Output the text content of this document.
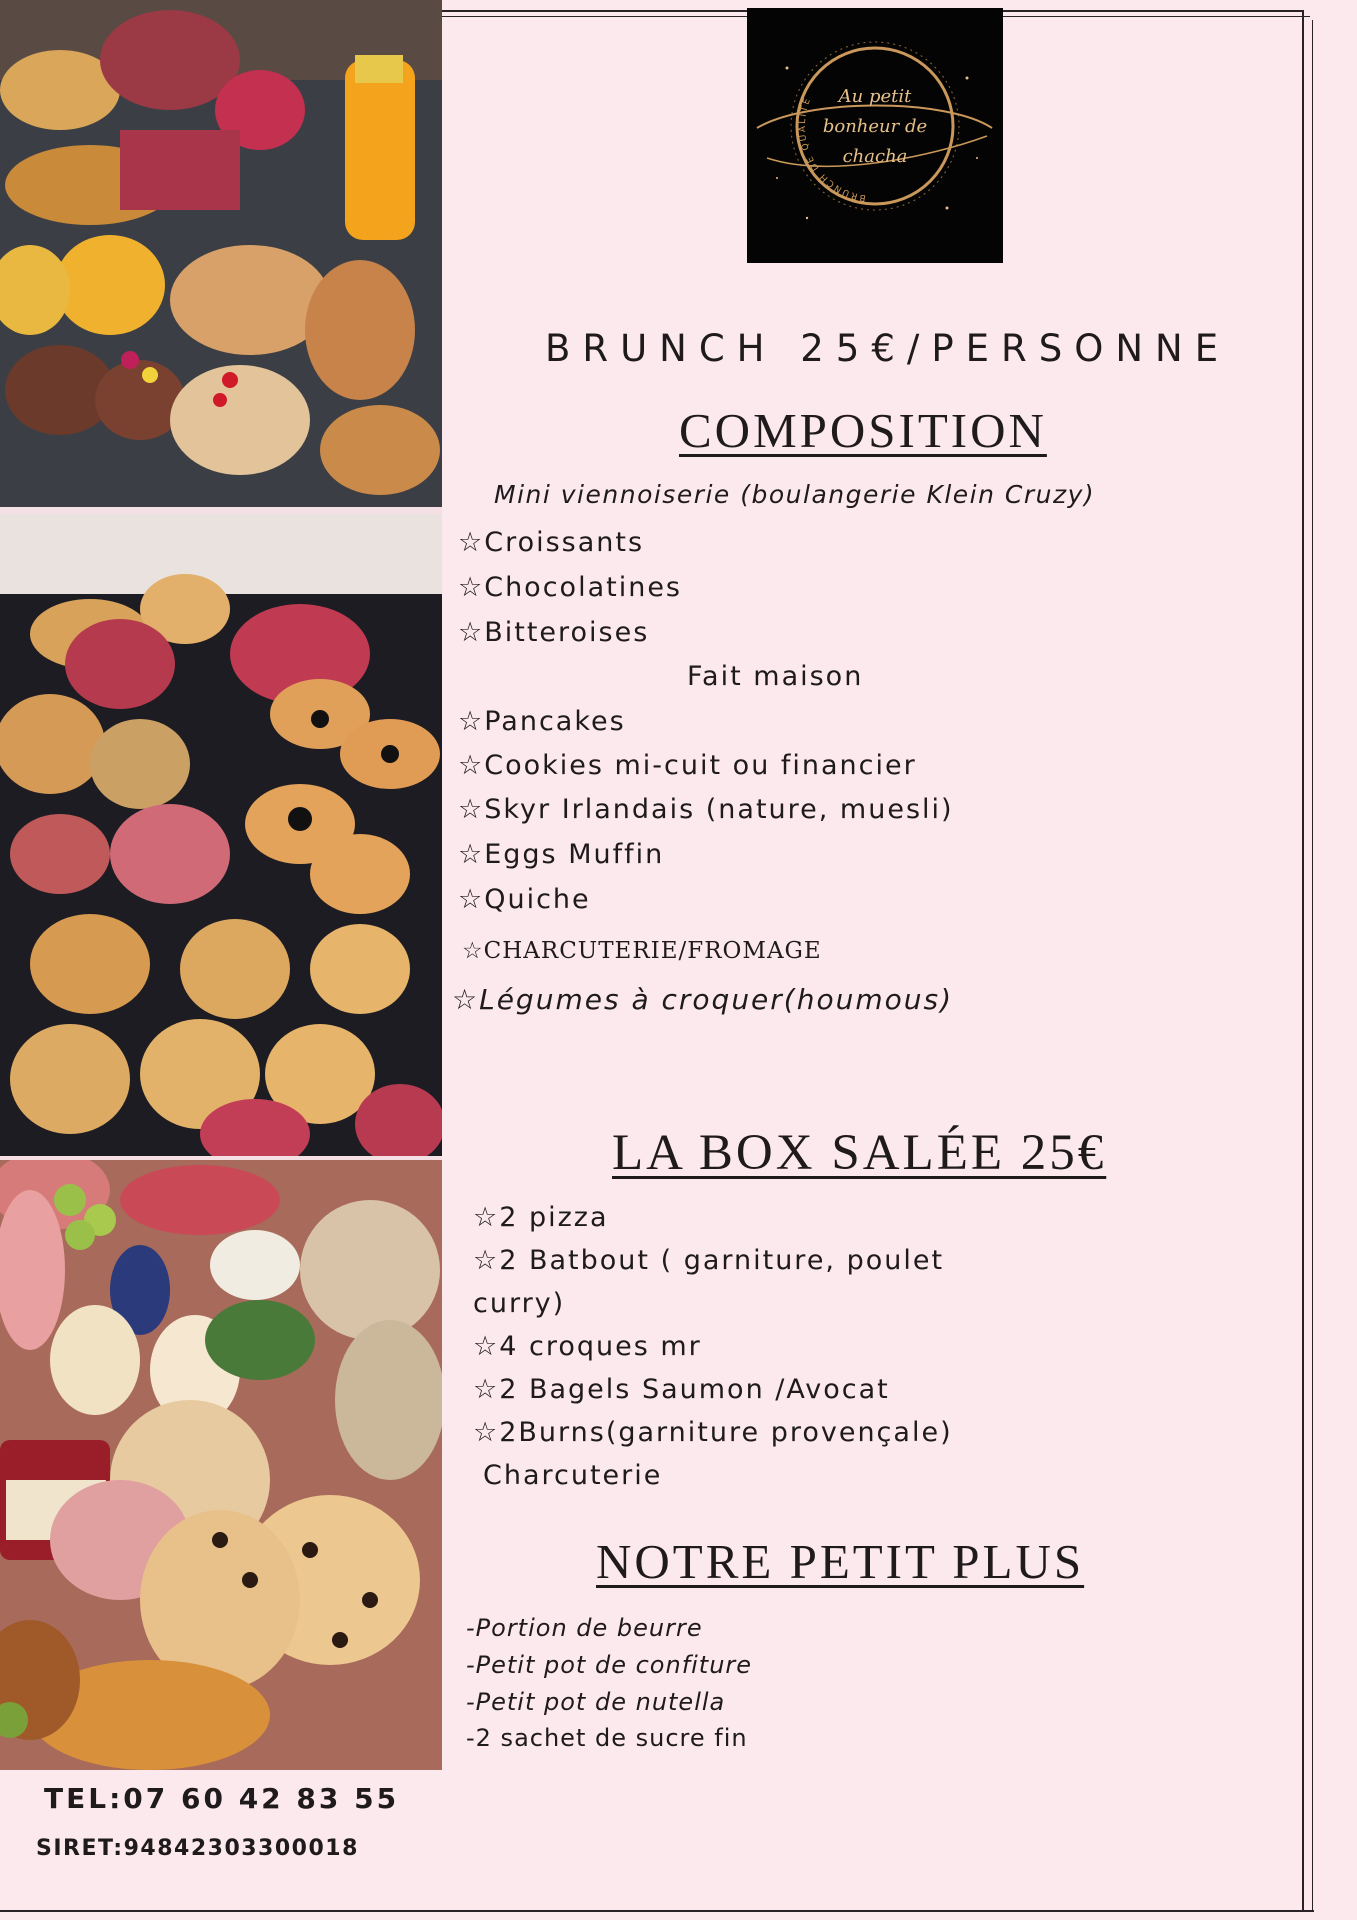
Au petit
bonheur de
chacha
BRUNCH DE QUALITÉ
BRUNCH 25€/PERSONNE
COMPOSITION
Mini viennoiserie (boulangerie Klein Cruzy)
☆Croissants
☆Chocolatines
☆Bitteroises
Fait maison
☆Pancakes
☆Cookies mi-cuit ou financier
☆Skyr Irlandais (nature, muesli)
☆Eggs Muffin
☆Quiche
☆CHARCUTERIE/FROMAGE
☆Légumes à croquer(houmous)
LA BOX SALÉE 25€
☆2 pizza
☆2 Batbout ( garniture, poulet
curry)
☆4 croques mr
☆2 Bagels Saumon /Avocat
☆2Burns(garniture provençale)
Charcuterie
NOTRE PETIT PLUS
-Portion de beurre
-Petit pot de confiture
-Petit pot de nutella
-2 sachet de sucre fin
TEL:07 60 42 83 55
SIRET:94842303300018
